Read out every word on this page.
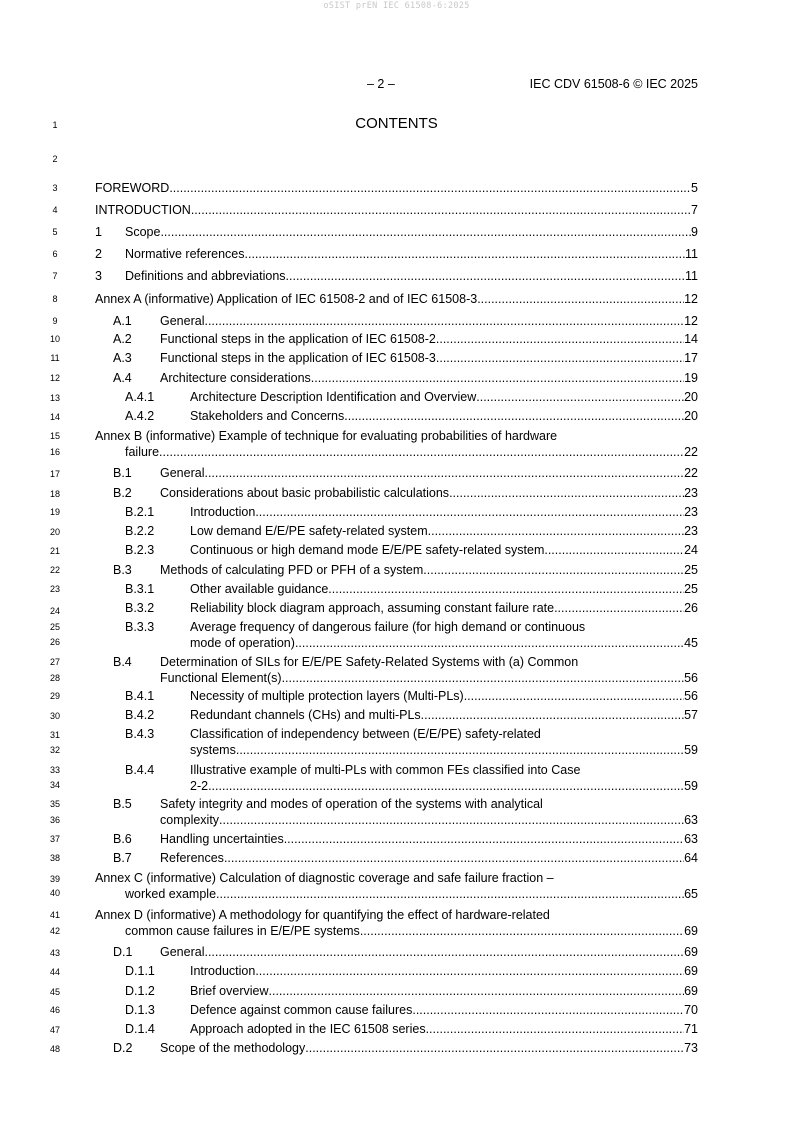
oSIST prEN IEC 61508-6:2025
– 2 –	IEC CDV 61508-6 © IEC 2025
CONTENTS
1
2
3
4
5
6
7
8
9
10
11
12
13
14
15
16
17
18
19
20
21
22
23
24
25
26
27
28
29
30
31
32
33
34
35
36
37
38
39
40
41
42
43
44
45
46
47
48
FOREWORD .....	5
INTRODUCTION .....	7
1 Scope .....	9
2 Normative references .....	11
3 Definitions and abbreviations .....	11
Annex A (informative) Application of IEC 61508-2 and of IEC 61508-3 .....	12
A.1 General .....	12
A.2 Functional steps in the application of IEC 61508-2 .....	14
A.3 Functional steps in the application of IEC 61508-3 .....	17
A.4 Architecture considerations .....	19
A.4.1	Architecture Description Identification and Overview .....	20
A.4.2	Stakeholders and Concerns .....	20
Annex B (informative) Example of technique for evaluating probabilities of hardware
failure .....	22
B.1 General .....	22
B.2 Considerations about basic probabilistic calculations .....	23
B.2.1	Introduction .....	23
B.2.2	Low demand E/E/PE safety-related system .....	23
B.2.3	Continuous or high demand mode E/E/PE safety-related system .....	24
B.3 Methods of calculating PFD or PFH of a system .....	25
B.3.1	Other available guidance .....	25
B.3.2	Reliability block diagram approach, assuming constant failure rate .....	26
B.3.3	Average frequency of dangerous failure (for high demand or continuous
mode of operation) .....	45
B.4 Determination of SILs for E/E/PE Safety-Related Systems with (a) Common
Functional Element(s) .....	56
B.4.1	Necessity of multiple protection layers (Multi-PLs) .....	56
B.4.2	Redundant channels (CHs) and multi-PLs .....	57
B.4.3	Classification of independency between (E/E/PE) safety-related
systems .....	59
B.4.4	Illustrative example of multi-PLs with common FEs classified into Case
2-2 .....	59
B.5 Safety integrity and modes of operation of the systems with analytical
complexity .....	63
B.6 Handling uncertainties .....	63
B.7 References .....	64
Annex C (informative) Calculation of diagnostic coverage and safe failure fraction –
worked example .....	65
Annex D (informative) A methodology for quantifying the effect of hardware-related
common cause failures in E/E/PE systems .....	69
D.1 General .....	69
D.1.1	Introduction .....	69
D.1.2	Brief overview .....	69
D.1.3	Defence against common cause failures .....	70
D.1.4	Approach adopted in the IEC 61508 series .....	71
D.2 Scope of the methodology .....	73
